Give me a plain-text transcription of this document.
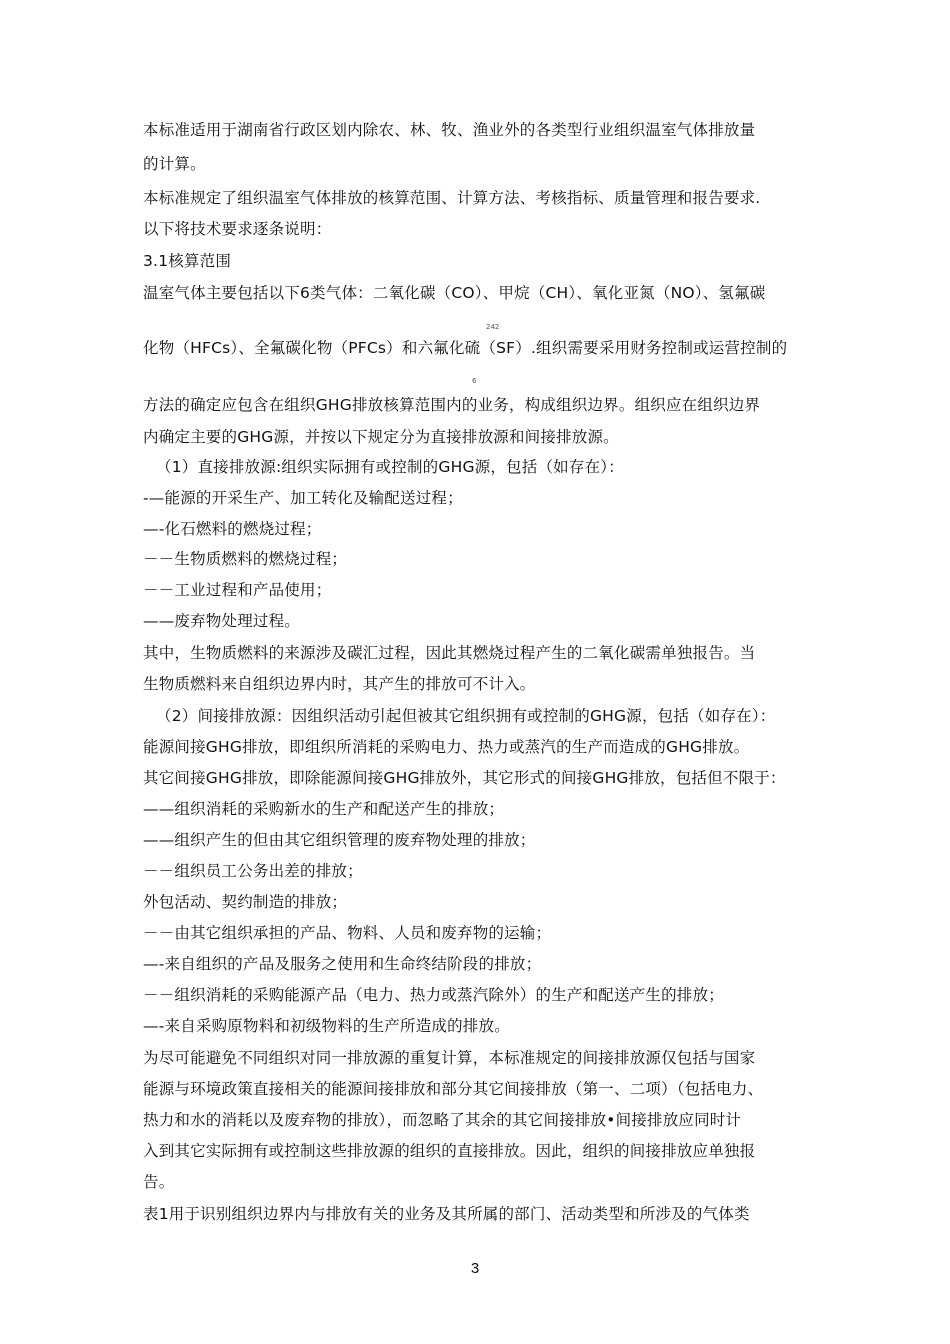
本标准适用于湖南省行政区划内除农、林、牧、渔业外的各类型行业组织温室气体排放量
的计算。
本标准规定了组织温室气体排放的核算范围、计算方法、考核指标、质量管理和报告要求.
以下将技术要求逐条说明：
3.1核算范围
温室气体主要包括以下6类气体：二氧化碳（CO）、甲烷（CH）、氧化亚氮（NO）、氢氟碳
242
化物（HFCs）、全氟碳化物（PFCs）和六氟化硫（SF）.组织需要采用财务控制或运营控制的
6
方法的确定应包含在组织GHG排放核算范围内的业务，构成组织边界。组织应在组织边界
内确定主要的GHG源，并按以下规定分为直接排放源和间接排放源。
（1）直接排放源:组织实际拥有或控制的GHG源，包括（如存在）：
-—能源的开采生产、加工转化及输配送过程；
—-化石燃料的燃烧过程；
－－生物质燃料的燃烧过程；
－－工业过程和产品使用；
——废弃物处理过程。
其中，生物质燃料的来源涉及碳汇过程，因此其燃烧过程产生的二氧化碳需单独报告。当
生物质燃料来自组织边界内时，其产生的排放可不计入。
（2）间接排放源：因组织活动引起但被其它组织拥有或控制的GHG源，包括（如存在）：
能源间接GHG排放，即组织所消耗的采购电力、热力或蒸汽的生产而造成的GHG排放。
其它间接GHG排放，即除能源间接GHG排放外，其它形式的间接GHG排放，包括但不限于：
——组织消耗的采购新水的生产和配送产生的排放；
——组织产生的但由其它组织管理的废弃物处理的排放；
－－组织员工公务出差的排放；
外包活动、契约制造的排放；
－－由其它组织承担的产品、物料、人员和废弃物的运输；
—-来自组织的产品及服务之使用和生命终结阶段的排放；
－－组织消耗的采购能源产品（电力、热力或蒸汽除外）的生产和配送产生的排放；
—-来自采购原物料和初级物料的生产所造成的排放。
为尽可能避免不同组织对同一排放源的重复计算，本标准规定的间接排放源仅包括与国家
能源与环境政策直接相关的能源间接排放和部分其它间接排放（第一、二项）（包括电力、
热力和水的消耗以及废弃物的排放），而忽略了其余的其它间接排放•间接排放应同时计
入到其它实际拥有或控制这些排放源的组织的直接排放。因此，组织的间接排放应单独报
告。
表1用于识别组织边界内与排放有关的业务及其所属的部门、活动类型和所涉及的气体类
3
